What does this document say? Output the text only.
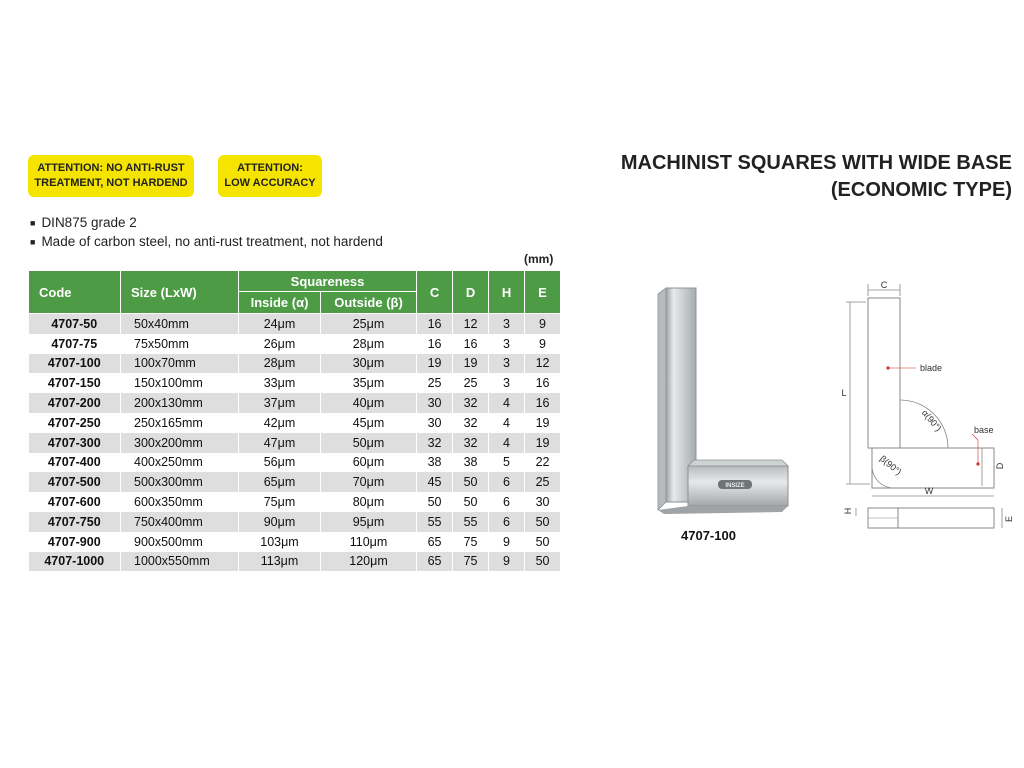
ATTENTION: NO ANTI-RUST
TREATMENT, NOT HARDEND
ATTENTION:
LOW ACCURACY
MACHINIST SQUARES WITH WIDE BASE
(ECONOMIC TYPE)
■ DIN875 grade 2
■ Made of carbon steel, no anti-rust treatment, not hardend
(mm)
Code	Size (LxW)	Squareness		C	D	H	E
		Inside (α)	Outside (β)				
4707-50	50x40mm	24μm	25μm	16	12	3	9
4707-75	75x50mm	26μm	28μm	16	16	3	9
4707-100	100x70mm	28μm	30μm	19	19	3	12
4707-150	150x100mm	33μm	35μm	25	25	3	16
4707-200	200x130mm	37μm	40μm	30	32	4	16
4707-250	250x165mm	42μm	45μm	30	32	4	19
4707-300	300x200mm	47μm	50μm	32	32	4	19
4707-400	400x250mm	56μm	60μm	38	38	5	22
4707-500	500x300mm	65μm	70μm	45	50	6	25
4707-600	600x350mm	75μm	80μm	50	50	6	30
4707-750	750x400mm	90μm	95μm	55	55	6	50
4707-900	900x500mm	103μm	110μm	65	75	9	50
4707-1000	1000x550mm	113μm	120μm	65	75	9	50
INSIZE
4707-100
C
L
D
W
blade
base
α(90°)
β(90°)
H
E
